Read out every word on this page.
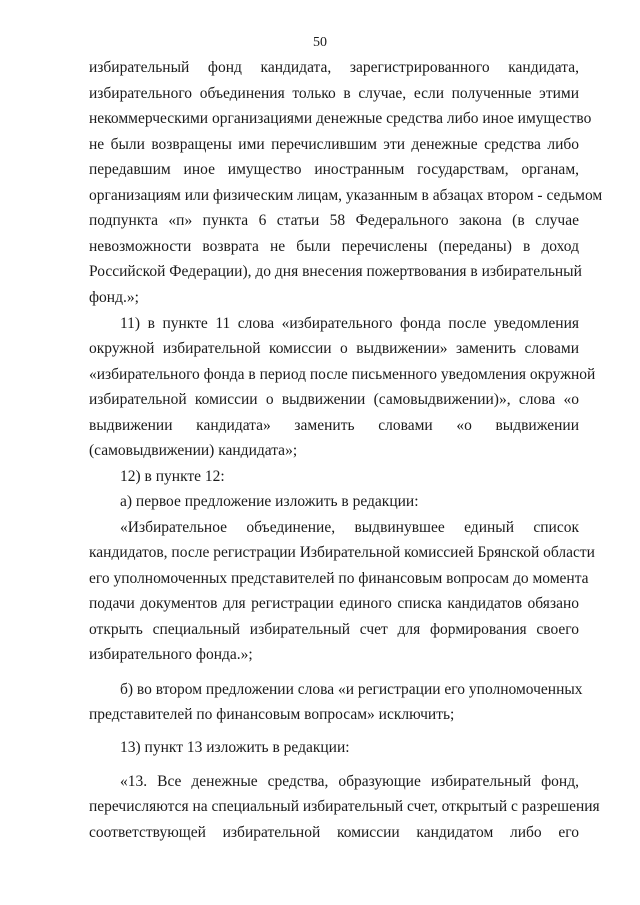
50
избирательный фонд кандидата, зарегистрированного кандидата,
избирательного объединения только в случае, если полученные этими
некоммерческими организациями денежные средства либо иное имущество
не были возвращены ими перечислившим эти денежные средства либо
передавшим иное имущество иностранным государствам, органам,
организациям или физическим лицам, указанным в абзацах втором - седьмом
подпункта «п» пункта 6 статьи 58 Федерального закона (в случае
невозможности возврата не были перечислены (переданы) в доход
Российской Федерации), до дня внесения пожертвования в избирательный
фонд.»;
11) в пункте 11 слова «избирательного фонда после уведомления
окружной избирательной комиссии о выдвижении» заменить словами
«избирательного фонда в период после письменного уведомления окружной
избирательной комиссии о выдвижении (самовыдвижении)», слова «о
выдвижении кандидата» заменить словами «о выдвижении
(самовыдвижении) кандидата»;
12) в пункте 12:
а) первое предложение изложить в редакции:
«Избирательное объединение, выдвинувшее единый список
кандидатов, после регистрации Избирательной комиссией Брянской области
его уполномоченных представителей по финансовым вопросам до момента
подачи документов для регистрации единого списка кандидатов обязано
открыть специальный избирательный счет для формирования своего
избирательного фонда.»;
б) во втором предложении слова «и регистрации его уполномоченных
представителей по финансовым вопросам» исключить;
13) пункт 13 изложить в редакции:
«13. Все денежные средства, образующие избирательный фонд,
перечисляются на специальный избирательный счет, открытый с разрешения
соответствующей избирательной комиссии кандидатом либо его
